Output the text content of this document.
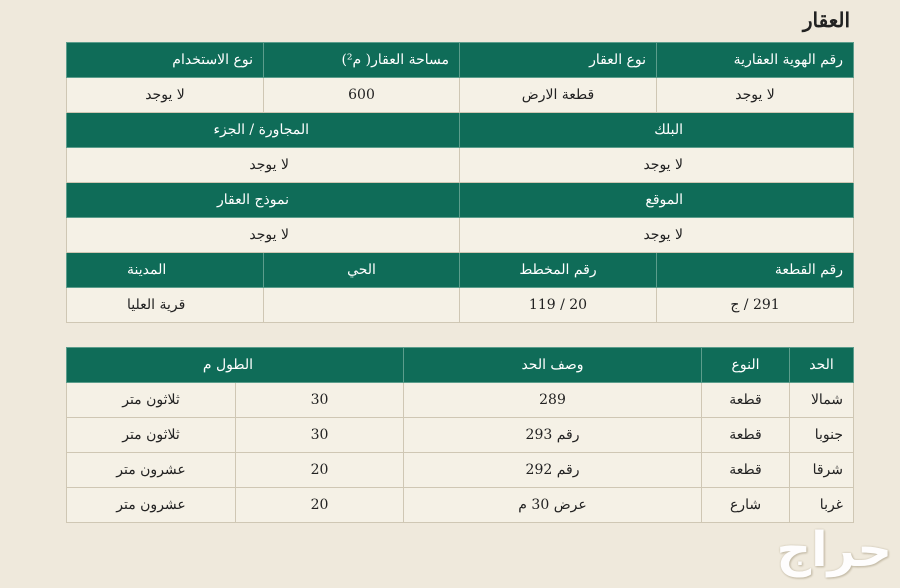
العقار
رقم الهوية العقارية	نوع العقار	مساحة العقار( م²)	نوع الاستخدام
لا يوجد	قطعة الارض	600	لا يوجد
البلك		المجاورة / الجزء	
لا يوجد		لا يوجد	
الموقع		نموذج العقار	
لا يوجد		لا يوجد	
رقم القطعة	رقم المخطط	الحي	المدينة
291 / ج	20 / 119		قرية العليا
الحد	النوع	وصف الحد	الطول م	
شمالا	قطعة	289	30	ثلاثون متر
جنوبا	قطعة	رقم 293	30	ثلاثون متر
شرقا	قطعة	رقم 292	20	عشرون متر
غربا	شارع	عرض 30 م	20	عشرون متر
حراج
